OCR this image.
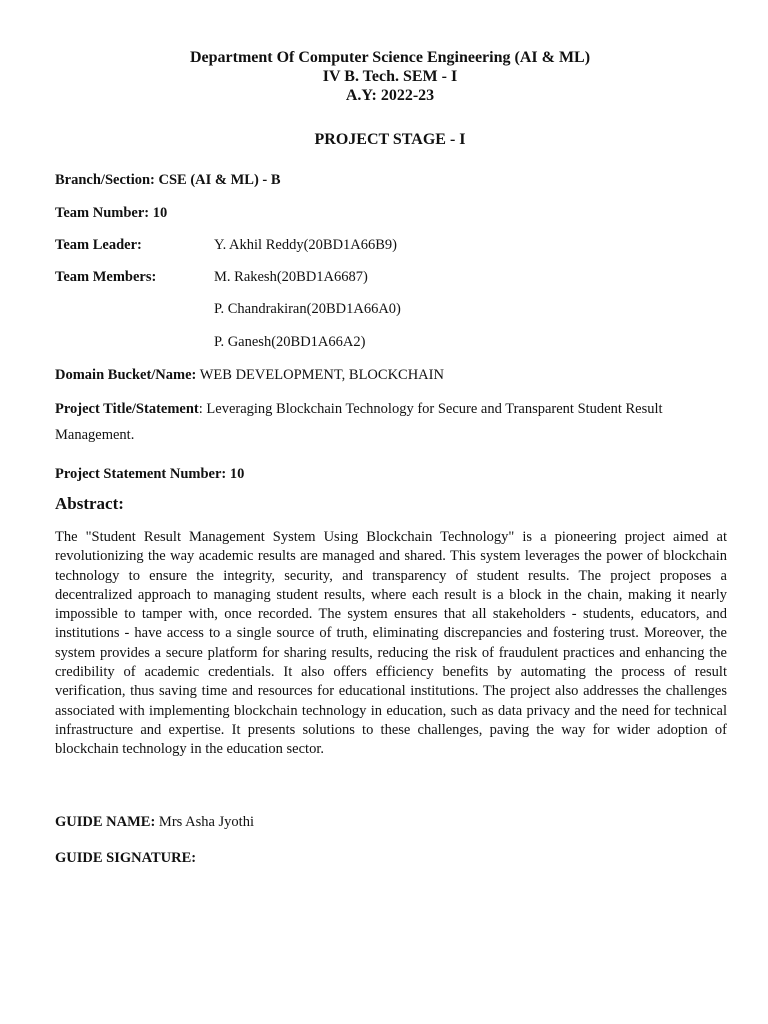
Department Of Computer Science Engineering (AI & ML)
IV B. Tech. SEM - I
A.Y: 2022-23
PROJECT STAGE - I
Branch/Section: CSE (AI & ML) - B
Team Number: 10
Team Leader:	Y. Akhil Reddy(20BD1A66B9)
Team Members:	M. Rakesh(20BD1A6687)
P. Chandrakiran(20BD1A66A0)
P. Ganesh(20BD1A66A2)
Domain Bucket/Name: WEB DEVELOPMENT, BLOCKCHAIN
Project Title/Statement: Leveraging Blockchain Technology for Secure and Transparent Student Result Management.
Project Statement Number: 10
Abstract:
The "Student Result Management System Using Blockchain Technology" is a pioneering project aimed at revolutionizing the way academic results are managed and shared. This system leverages the power of blockchain technology to ensure the integrity, security, and transparency of student results. The project proposes a decentralized approach to managing student results, where each result is a block in the chain, making it nearly impossible to tamper with, once recorded. The system ensures that all stakeholders - students, educators, and institutions - have access to a single source of truth, eliminating discrepancies and fostering trust. Moreover, the system provides a secure platform for sharing results, reducing the risk of fraudulent practices and enhancing the credibility of academic credentials. It also offers efficiency benefits by automating the process of result verification, thus saving time and resources for educational institutions. The project also addresses the challenges associated with implementing blockchain technology in education, such as data privacy and the need for technical infrastructure and expertise. It presents solutions to these challenges, paving the way for wider adoption of blockchain technology in the education sector.
GUIDE NAME: Mrs Asha Jyothi
GUIDE SIGNATURE:
